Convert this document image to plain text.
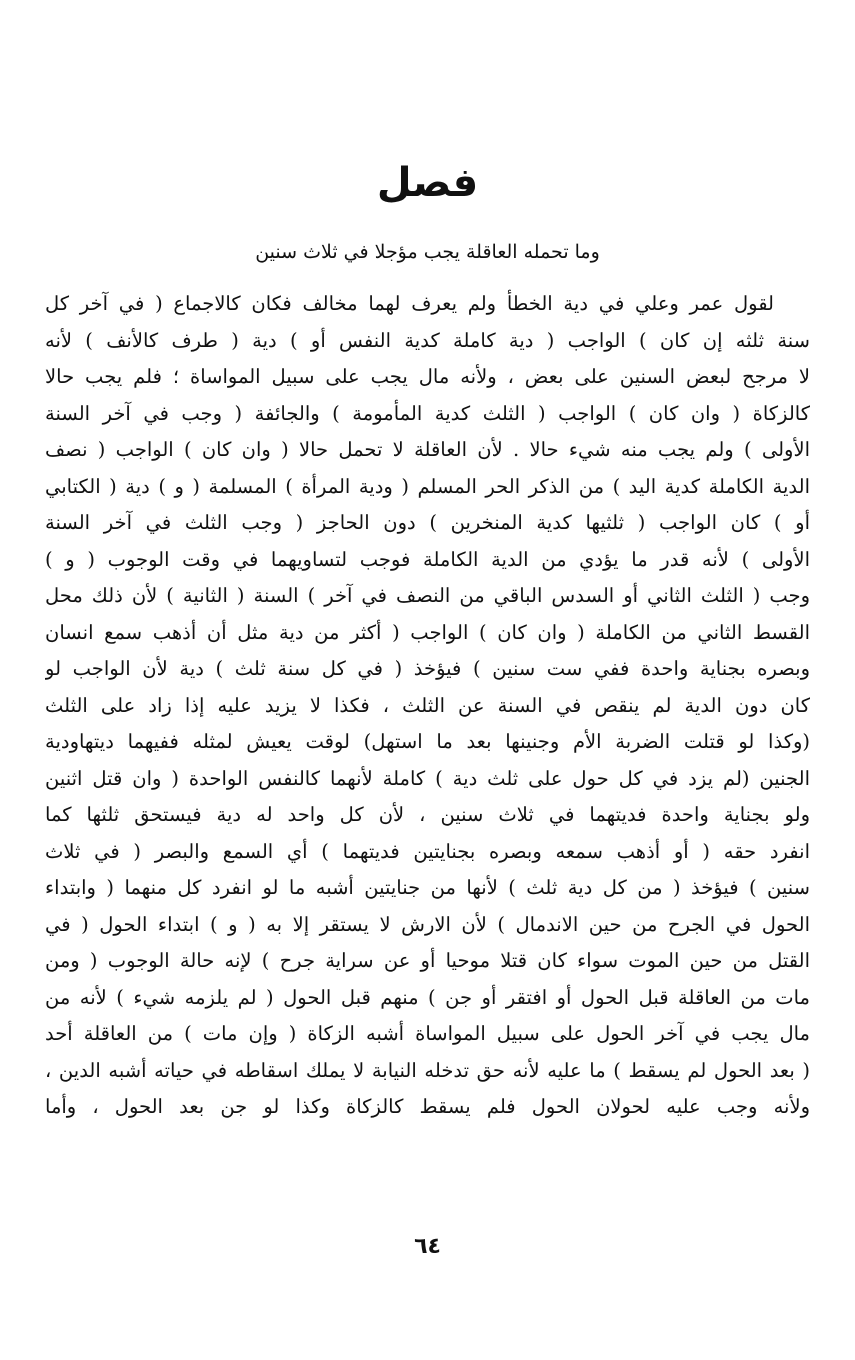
فصل
وما تحمله العاقلة يجب مؤجلا في ثلاث سنين
لقول عمر وعلي في دية الخطأ ولم يعرف لهما مخالف فكان كالاجماع ( في آخر كل
سنة ثلثه إن كان ) الواجب ( دية كاملة كدية النفس أو ) دية ( طرف كالأنف ) لأنه
لا مرجح لبعض السنين على بعض ، ولأنه مال يجب على سبيل المواساة ؛ فلم يجب حالا
كالزكاة ( وان كان ) الواجب ( الثلث كدية المأمومة ) والجائفة ( وجب في آخر السنة
الأولى ) ولم يجب منه شيء حالا . لأن العاقلة لا تحمل حالا ( وان كان ) الواجب ( نصف
الدية الكاملة كدية اليد ) من الذكر الحر المسلم ( ودية المرأة ) المسلمة ( و ) دية ( الكتابي
أو ) كان الواجب ( ثلثيها كدية المنخرين ) دون الحاجز ( وجب الثلث في آخر السنة
الأولى ) لأنه قدر ما يؤدي من الدية الكاملة فوجب لتساويهما في وقت الوجوب ( و )
وجب ( الثلث الثاني أو السدس الباقي من النصف في آخر ) السنة ( الثانية ) لأن ذلك محل
القسط الثاني من الكاملة ( وان كان ) الواجب ( أكثر من دية مثل أن أذهب سمع انسان
وبصره بجناية واحدة ففي ست سنين ) فيؤخذ ( في كل سنة ثلث ) دية لأن الواجب لو
كان دون الدية لم ينقص في السنة عن الثلث ، فكذا لا يزيد عليه إذا زاد على الثلث
(وكذا لو قتلت الضربة الأم وجنينها بعد ما استهل) لوقت يعيش لمثله ففيهما ديتهاودية
الجنين (لم يزد في كل حول على ثلث دية ) كاملة لأنهما كالنفس الواحدة ( وان قتل اثنين
ولو بجناية واحدة فديتهما في ثلاث سنين ، لأن كل واحد له دية فيستحق ثلثها كما
انفرد حقه ( أو أذهب سمعه وبصره بجنايتين فديتهما ) أي السمع والبصر ( في ثلاث
سنين ) فيؤخذ ( من كل دية ثلث ) لأنها من جنايتين أشبه ما لو انفرد كل منهما ( وابتداء
الحول في الجرح من حين الاندمال ) لأن الارش لا يستقر إلا به ( و ) ابتداء الحول ( في
القتل من حين الموت سواء كان قتلا موحيا أو عن سراية جرح ) لإنه حالة الوجوب ( ومن
مات من العاقلة قبل الحول أو افتقر أو جن ) منهم قبل الحول ( لم يلزمه شيء ) لأنه من
مال يجب في آخر الحول على سبيل المواساة أشبه الزكاة ( وإن مات ) من العاقلة أحد
( بعد الحول لم يسقط ) ما عليه لأنه حق تدخله النيابة لا يملك اسقاطه في حياته أشبه الدين ،
ولأنه وجب عليه لحولان الحول فلم يسقط كالزكاة وكذا لو جن بعد الحول ، وأما
٦٤
